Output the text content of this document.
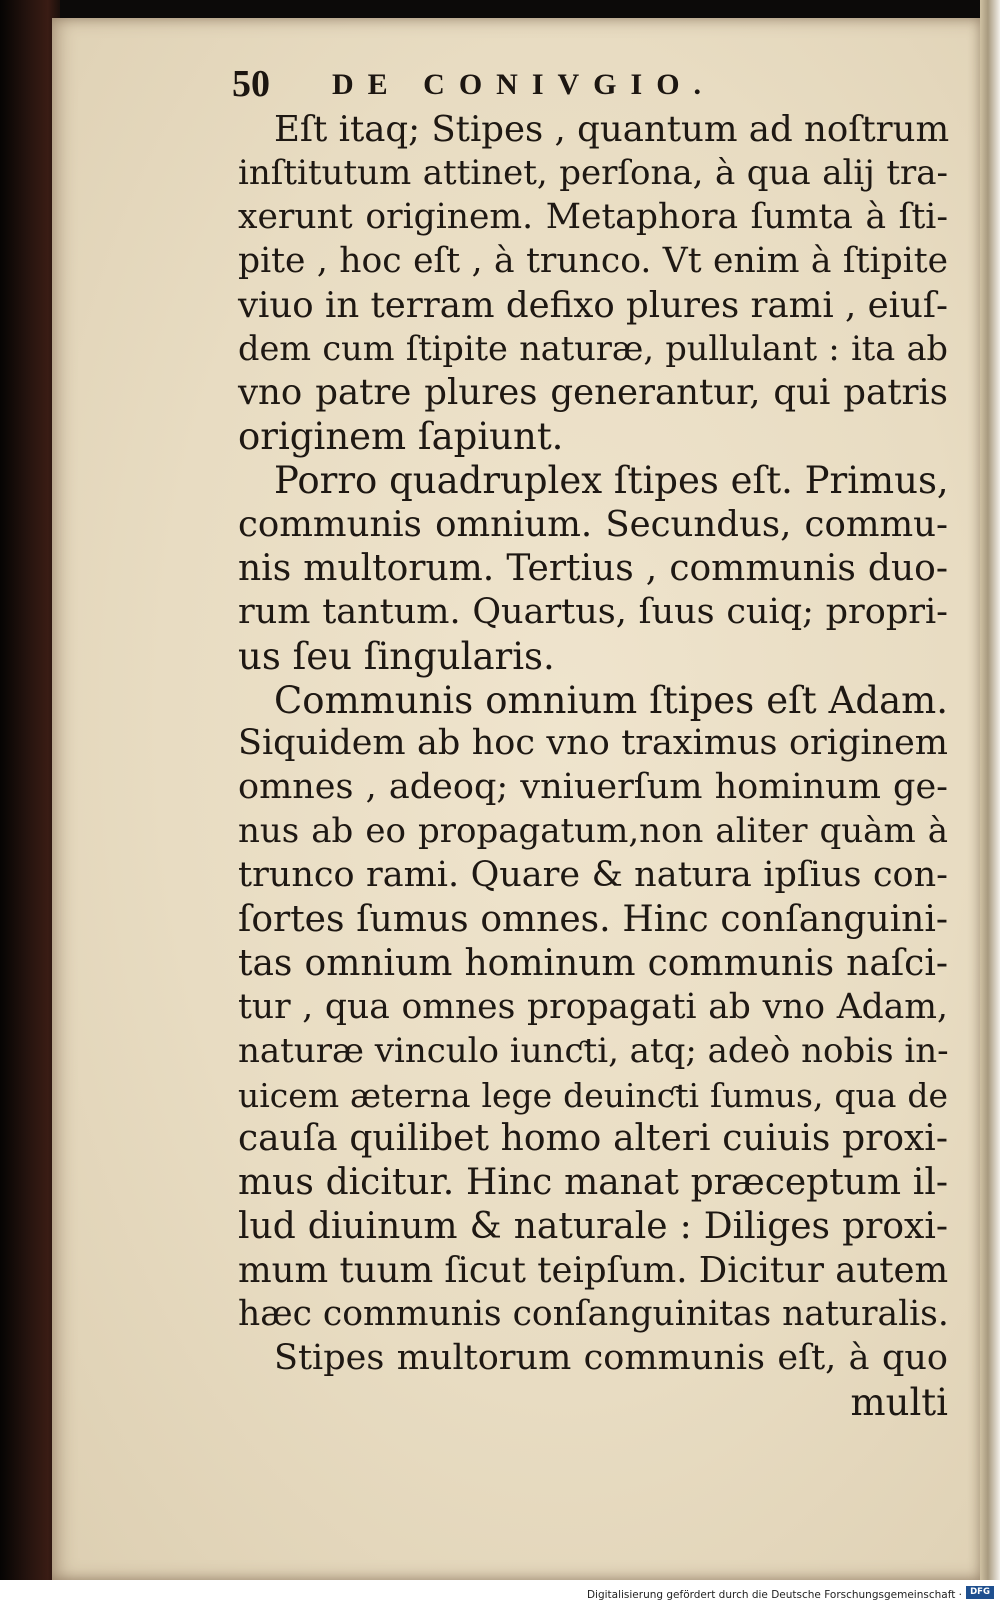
50 DE CONIVGIO.
Eſt itaq; Stipes , quantum ad noſtrum
inſtitutum attinet, perſona, à qua alij tra-
xerunt originem. Metaphora ſumta à ſti-
pite , hoc eſt , à trunco. Vt enim à ſtipite
viuo in terram defixo plures rami , eiuſ-
dem cum ſtipite naturæ, pullulant : ita ab
vno patre plures generantur, qui patris
originem ſapiunt.
Porro quadruplex ſtipes eſt. Primus,
communis omnium. Secundus, commu-
nis multorum. Tertius , communis duo-
rum tantum. Quartus, ſuus cuiq; propri-
us ſeu ſingularis.
Communis omnium ſtipes eſt Adam.
Siquidem ab hoc vno traximus originem
omnes , adeoq; vniuerſum hominum ge-
nus ab eo propagatum,non aliter quàm à
trunco rami. Quare & natura ipſius con-
ſortes ſumus omnes. Hinc conſanguini-
tas omnium hominum communis naſci-
tur , qua omnes propagati ab vno Adam,
naturæ vinculo iunƈti, atq; adeò nobis in-
uicem æterna lege deuinƈti ſumus, qua de
cauſa quilibet homo alteri cuiuis proxi-
mus dicitur. Hinc manat præceptum il-
lud diuinum & naturale : Diliges proxi-
mum tuum ſicut teipſum. Dicitur autem
hæc communis conſanguinitas naturalis.
Stipes multorum communis eſt, à quo
multi
Digitalisierung gefördert durch die Deutsche Forschungsgemeinschaft · DFG
